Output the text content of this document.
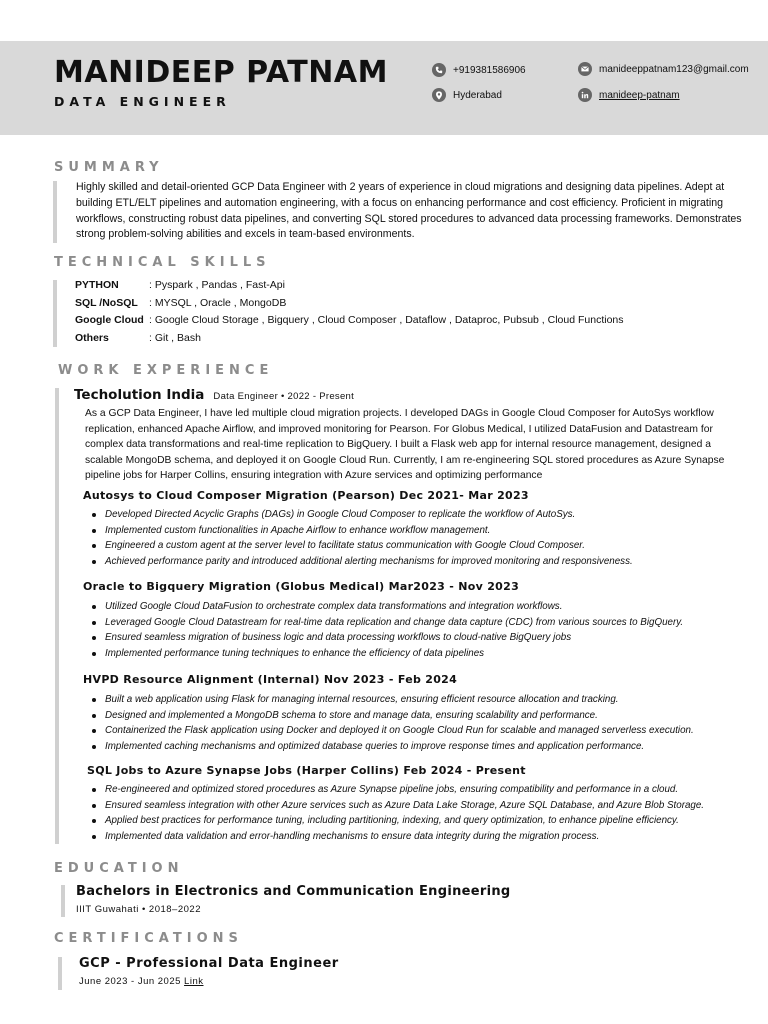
MANIDEEP PATNAM
DATA ENGINEER
+919381586906
Hyderabad
manideeppatnam123@gmail.com
manideep-patnam
SUMMARY
Highly skilled and detail-oriented GCP Data Engineer with 2 years of experience in cloud migrations and designing data pipelines. Adept at building ETL/ELT pipelines and automation engineering, with a focus on enhancing performance and cost efficiency. Proficient in migrating workflows, constructing robust data pipelines, and converting SQL stored procedures to advanced data processing frameworks. Demonstrates strong problem-solving abilities and excels in team-based environments.
TECHNICAL SKILLS
PYTHON	: Pyspark , Pandas , Fast-Api
SQL /NoSQL	: MYSQL , Oracle , MongoDB
Google Cloud : Google Cloud Storage , Bigquery , Cloud Composer , Dataflow , Dataproc, Pubsub , Cloud Functions
Others	: Git , Bash
WORK EXPERIENCE
Techolution India Data Engineer • 2022 - Present
As a GCP Data Engineer, I have led multiple cloud migration projects. I developed DAGs in Google Cloud Composer for AutoSys workflow replication, enhanced Apache Airflow, and improved monitoring for Pearson. For Globus Medical, I utilized DataFusion and Datastream for complex data transformations and real-time replication to BigQuery. I built a Flask web app for internal resource management, designed a scalable MongoDB schema, and deployed it on Google Cloud Run. Currently, I am re-engineering SQL stored procedures as Azure Synapse pipeline jobs for Harper Collins, ensuring integration with Azure services and optimizing performance
Autosys to Cloud Composer Migration (Pearson) Dec 2021- Mar 2023
Developed Directed Acyclic Graphs (DAGs) in Google Cloud Composer to replicate the workflow of AutoSys.
Implemented custom functionalities in Apache Airflow to enhance workflow management.
Engineered a custom agent at the server level to facilitate status communication with Google Cloud Composer.
Achieved performance parity and introduced additional alerting mechanisms for improved monitoring and responsiveness.
Oracle to Bigquery Migration (Globus Medical) Mar2023 - Nov 2023
Utilized Google Cloud DataFusion to orchestrate complex data transformations and integration workflows.
Leveraged Google Cloud Datastream for real-time data replication and change data capture (CDC) from various sources to BigQuery.
Ensured seamless migration of business logic and data processing workflows to cloud-native BigQuery jobs
Implemented performance tuning techniques to enhance the efficiency of data pipelines
HVPD Resource Alignment (Internal) Nov 2023 - Feb 2024
Built a web application using Flask for managing internal resources, ensuring efficient resource allocation and tracking.
Designed and implemented a MongoDB schema to store and manage data, ensuring scalability and performance.
Containerized the Flask application using Docker and deployed it on Google Cloud Run for scalable and managed serverless execution.
Implemented caching mechanisms and optimized database queries to improve response times and application performance.
SQL Jobs to Azure Synapse Jobs (Harper Collins) Feb 2024 - Present
Re-engineered and optimized stored procedures as Azure Synapse pipeline jobs, ensuring compatibility and performance in a cloud.
Ensured seamless integration with other Azure services such as Azure Data Lake Storage, Azure SQL Database, and Azure Blob Storage.
Applied best practices for performance tuning, including partitioning, indexing, and query optimization, to enhance pipeline efficiency.
Implemented data validation and error-handling mechanisms to ensure data integrity during the migration process.
EDUCATION
Bachelors in Electronics and Communication Engineering
IIIT Guwahati • 2018–2022
CERTIFICATIONS
GCP - Professional Data Engineer
June 2023 - Jun 2025 Link
